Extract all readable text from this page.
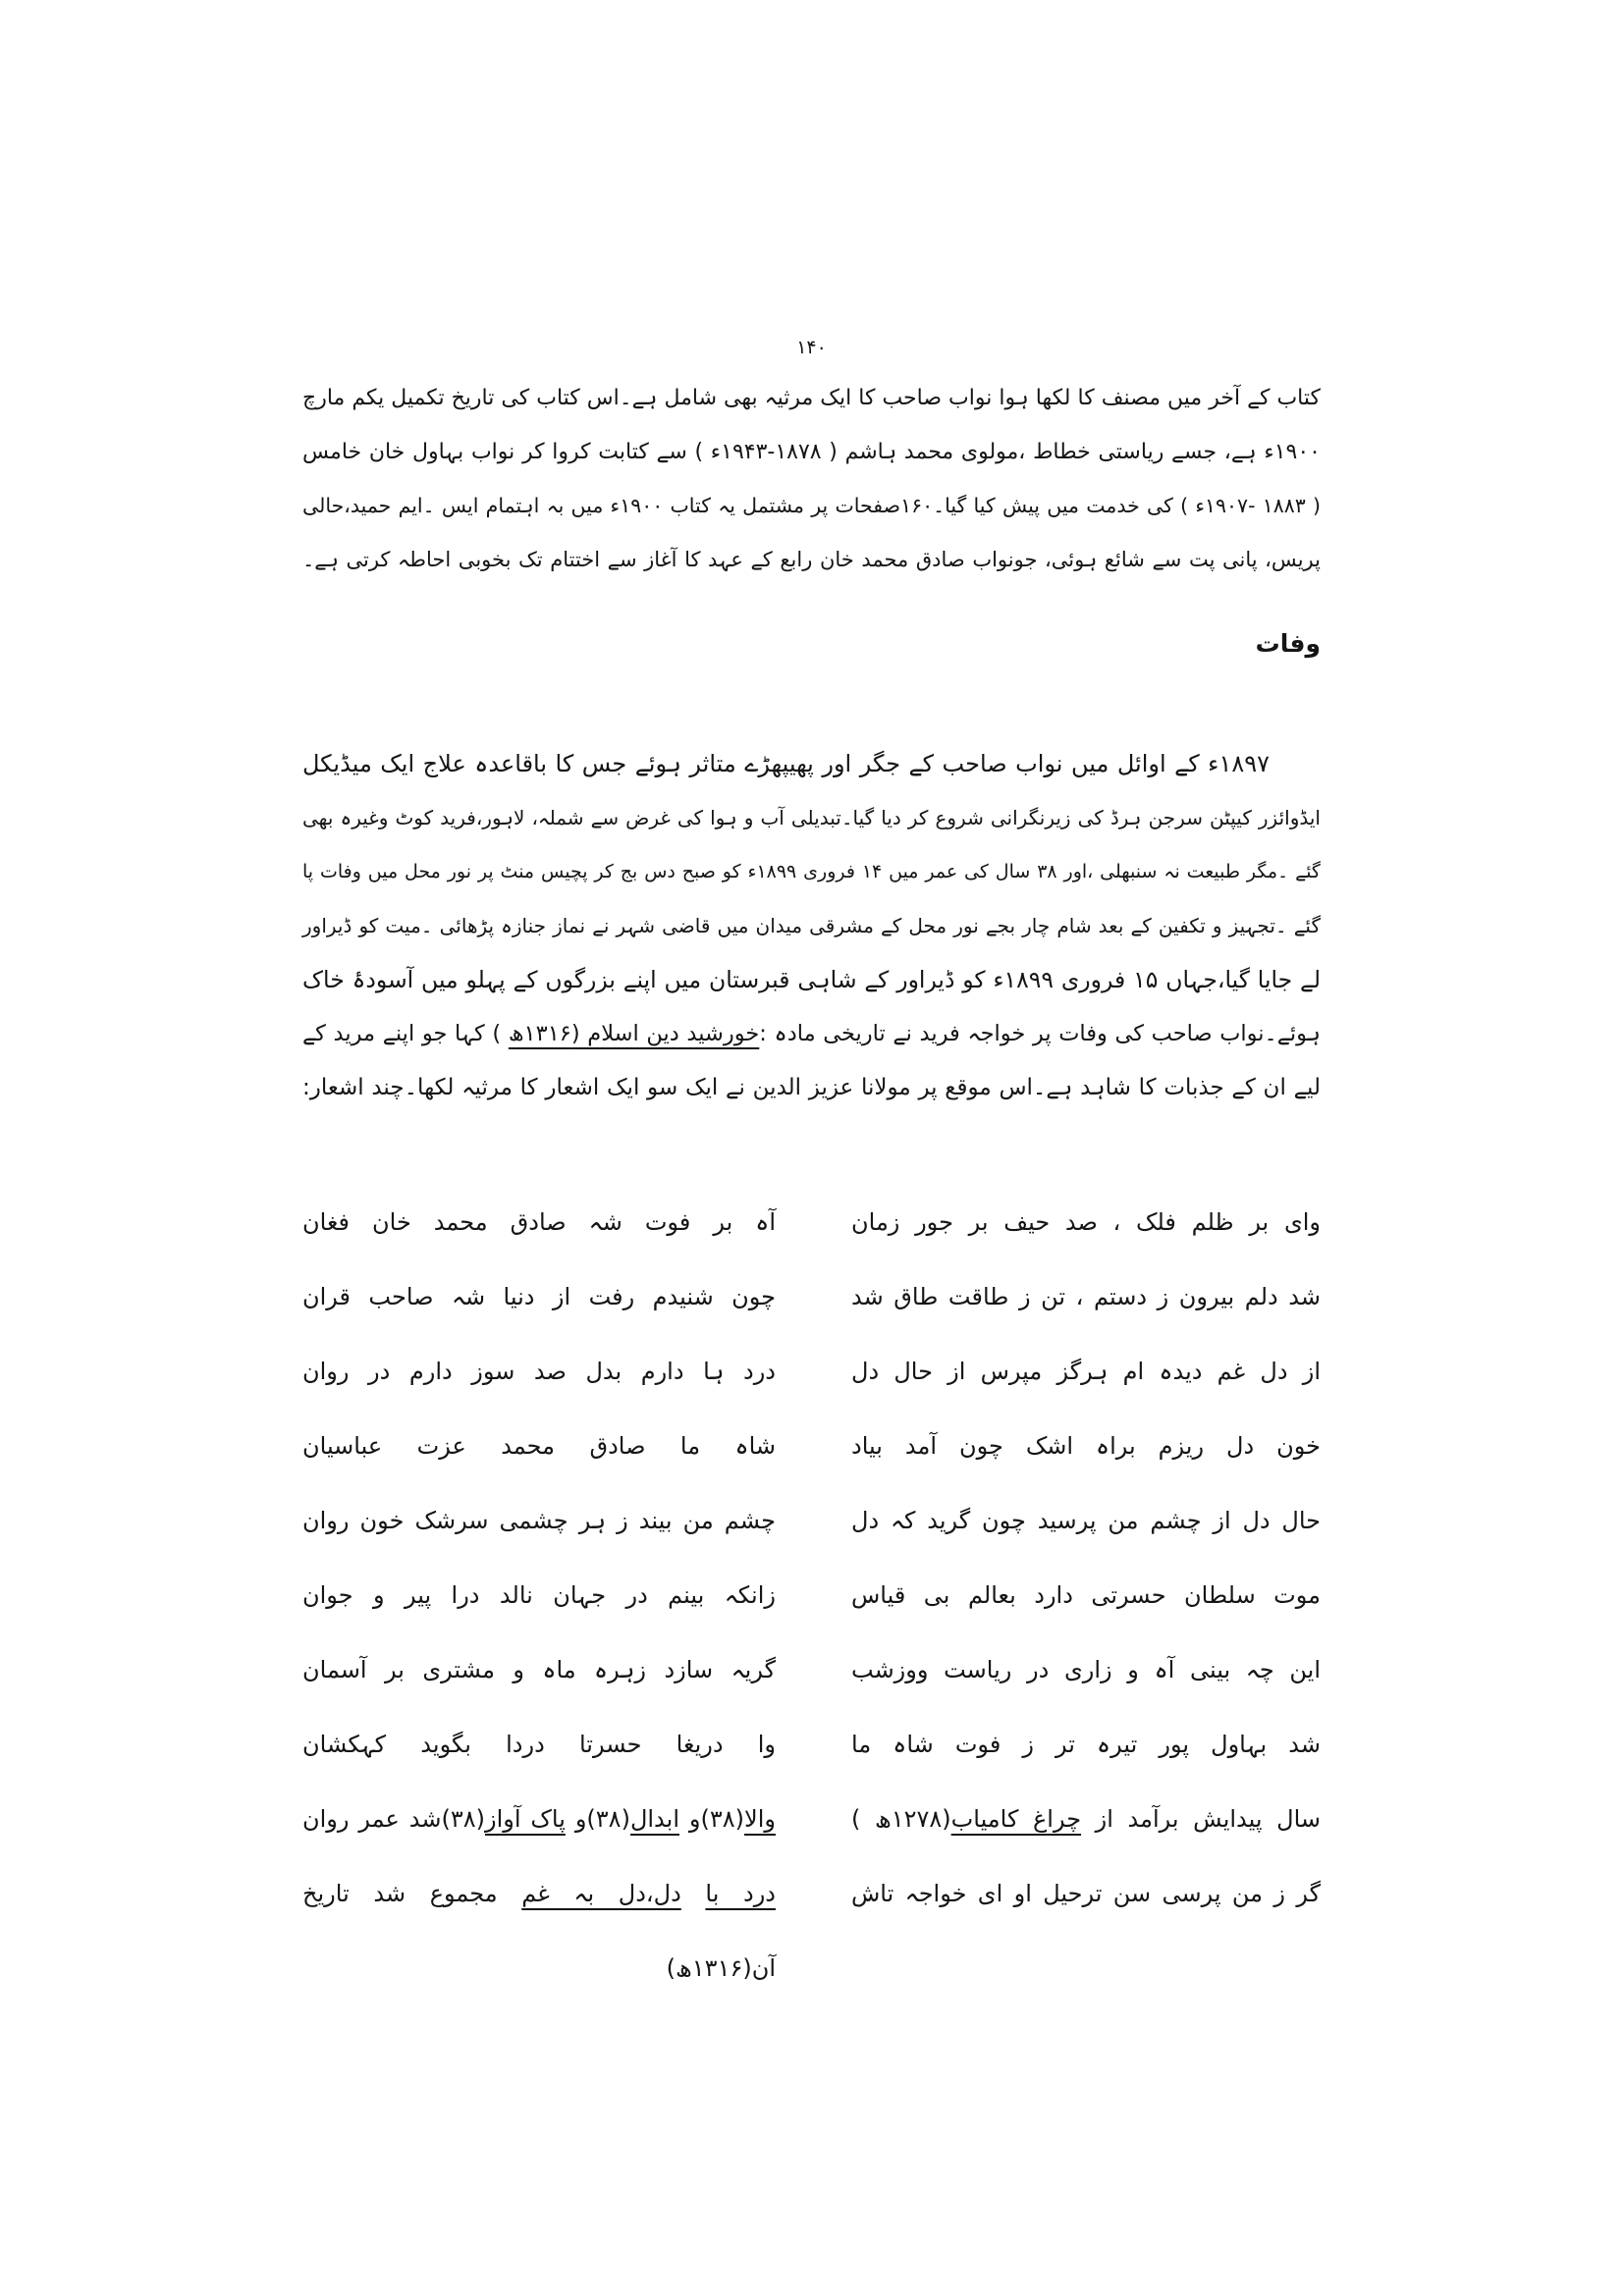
۱۴۰
کتاب کے آخر میں مصنف کا لکھا ہوا نواب صاحب کا ایک مرثیہ بھی شامل ہے۔اس کتاب کی تاریخ تکمیل یکم مارچ
۱۹۰۰ء ہے، جسے ریاستی خطاط ،مولوی محمد ہاشم ( ۱۸۷۸-۱۹۴۳ء ) سے کتابت کروا کر نواب بہاول خان خامس
( ۱۸۸۳ -۱۹۰۷ء ) کی خدمت میں پیش کیا گیا۔۱۶۰صفحات پر مشتمل یہ کتاب ۱۹۰۰ء میں بہ اہتمام ایس ۔ایم حمید،حالی
پریس، پانی پت سے شائع ہوئی، جونواب صادق محمد خان رابع کے عہد کا آغاز سے اختتام تک بخوبی احاطہ کرتی ہے۔
وفات
۱۸۹۷ء کے اوائل میں نواب صاحب کے جگر اور پھیپھڑے متاثر ہوئے جس کا باقاعدہ علاج ایک میڈیکل
ایڈوائزر کیپٹن سرجن ہرڈ کی زیرنگرانی شروع کر دیا گیا۔تبدیلی آب و ہوا کی غرض سے شملہ، لاہور،فرید کوٹ وغیرہ بھی
گئے ۔مگر طبیعت نہ سنبھلی ،اور ۳۸ سال کی عمر میں ۱۴ فروری ۱۸۹۹ء کو صبح دس بج کر پچیس منٹ پر نور محل میں وفات پا
گئے ۔تجہیز و تکفین کے بعد شام چار بجے نور محل کے مشرقی میدان میں قاضی شہر نے نماز جنازہ پڑھائی ۔میت کو ڈیراور
لے جایا گیا،جہاں ۱۵ فروری ۱۸۹۹ء کو ڈیراور کے شاہی قبرستان میں اپنے بزرگوں کے پہلو میں آسودۂ خاک
ہوئے۔نواب صاحب کی وفات پر خواجہ فرید نے تاریخی مادہ :خورشید دین اسلام (۱۳۱۶ھ ) کہا جو اپنے مرید کے
لیے ان کے جذبات کا شاہد ہے۔اس موقع پر مولانا عزیز الدین نے ایک سو ایک اشعار کا مرثیہ لکھا۔چند اشعار:
وای بر ظلم فلک ، صد حیف بر جور زمان
آہ بر فوت شہ صادق محمد خان فغان
شد دلم بیرون ز دستم ، تن ز طاقت طاق شد
چون شنیدم رفت از دنیا شہ صاحب قران
از دل غم دیدہ ام ہرگز مپرس از حال دل
درد ہا دارم بدل صد سوز دارم در روان
خون دل ریزم براہ اشک چون آمد بیاد
شاہ ما صادق محمد عزت عباسیان
حال دل از چشم من پرسید چون گرید کہ دل
چشم من بیند ز ہر چشمی سرشک خون روان
موت سلطان حسرتی دارد بعالم بی قیاس
زانکہ بینم در جہان نالد درا پیر و جوان
این چہ بینی آہ و زاری در ریاست ووزشب
گریہ سازد زہرہ ماہ و مشتری بر آسمان
شد بہاول پور تیرہ تر ز فوت شاہ ما
وا دریغا حسرتا دردا بگوید کہکشان
سال پیدایش برآمد از چراغ کامیاب(۱۲۷۸ھ )
والا(۳۸)و ابدال(۳۸)و پاک آواز(۳۸)شد عمر روان
گر ز من پرسی سن ترحیل او ای خواجہ تاش
درد با دل،دل بہ غم مجموع شد تاریخ آن(۱۳۱۶ھ)
